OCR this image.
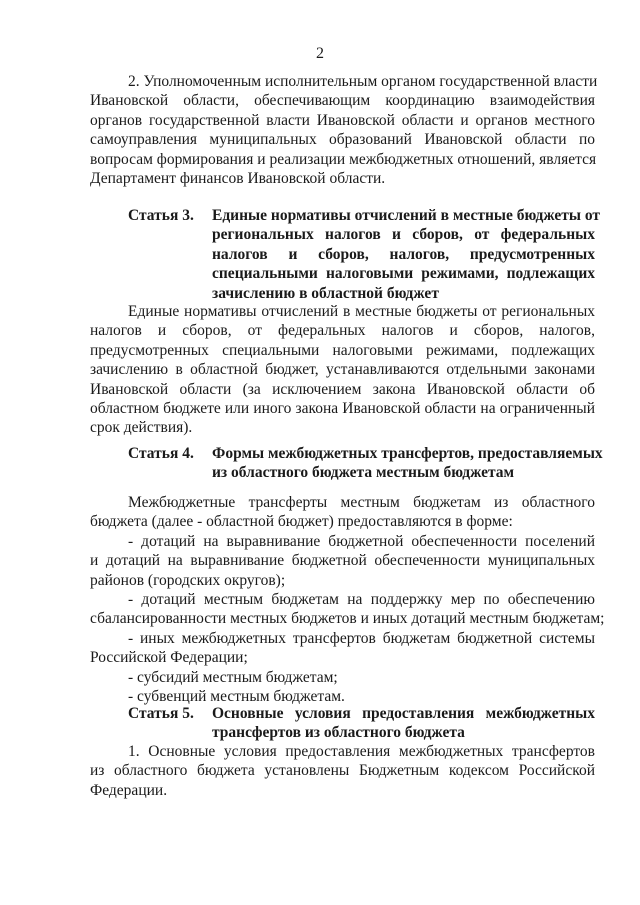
2
2. Уполномоченным исполнительным органом государственной власти
Ивановской области, обеспечивающим координацию взаимодействия
органов государственной власти Ивановской области и органов местного
самоуправления муниципальных образований Ивановской области по
вопросам формирования и реализации межбюджетных отношений, является
Департамент финансов Ивановской области.
Статья 3.	Единые нормативы отчислений в местные бюджеты от
региональных налогов и сборов, от федеральных
налогов и сборов, налогов, предусмотренных
специальными налоговыми режимами, подлежащих
зачислению в областной бюджет
Единые нормативы отчислений в местные бюджеты от региональных
налогов и сборов, от федеральных налогов и сборов, налогов,
предусмотренных специальными налоговыми режимами, подлежащих
зачислению в областной бюджет, устанавливаются отдельными законами
Ивановской области (за исключением закона Ивановской области об
областном бюджете или иного закона Ивановской области на ограниченный
срок действия).
Статья 4.	Формы межбюджетных трансфертов, предоставляемых
из областного бюджета местным бюджетам
Межбюджетные трансферты местным бюджетам из областного
бюджета (далее - областной бюджет) предоставляются в форме:
- дотаций на выравнивание бюджетной обеспеченности поселений
и дотаций на выравнивание бюджетной обеспеченности муниципальных
районов (городских округов);
- дотаций местным бюджетам на поддержку мер по обеспечению
сбалансированности местных бюджетов и иных дотаций местным бюджетам;
- иных межбюджетных трансфертов бюджетам бюджетной системы
Российской Федерации;
- субсидий местным бюджетам;
- субвенций местным бюджетам.
Статья 5.	Основные условия предоставления межбюджетных
трансфертов из областного бюджета
1. Основные условия предоставления межбюджетных трансфертов
из областного бюджета установлены Бюджетным кодексом Российской
Федерации.
